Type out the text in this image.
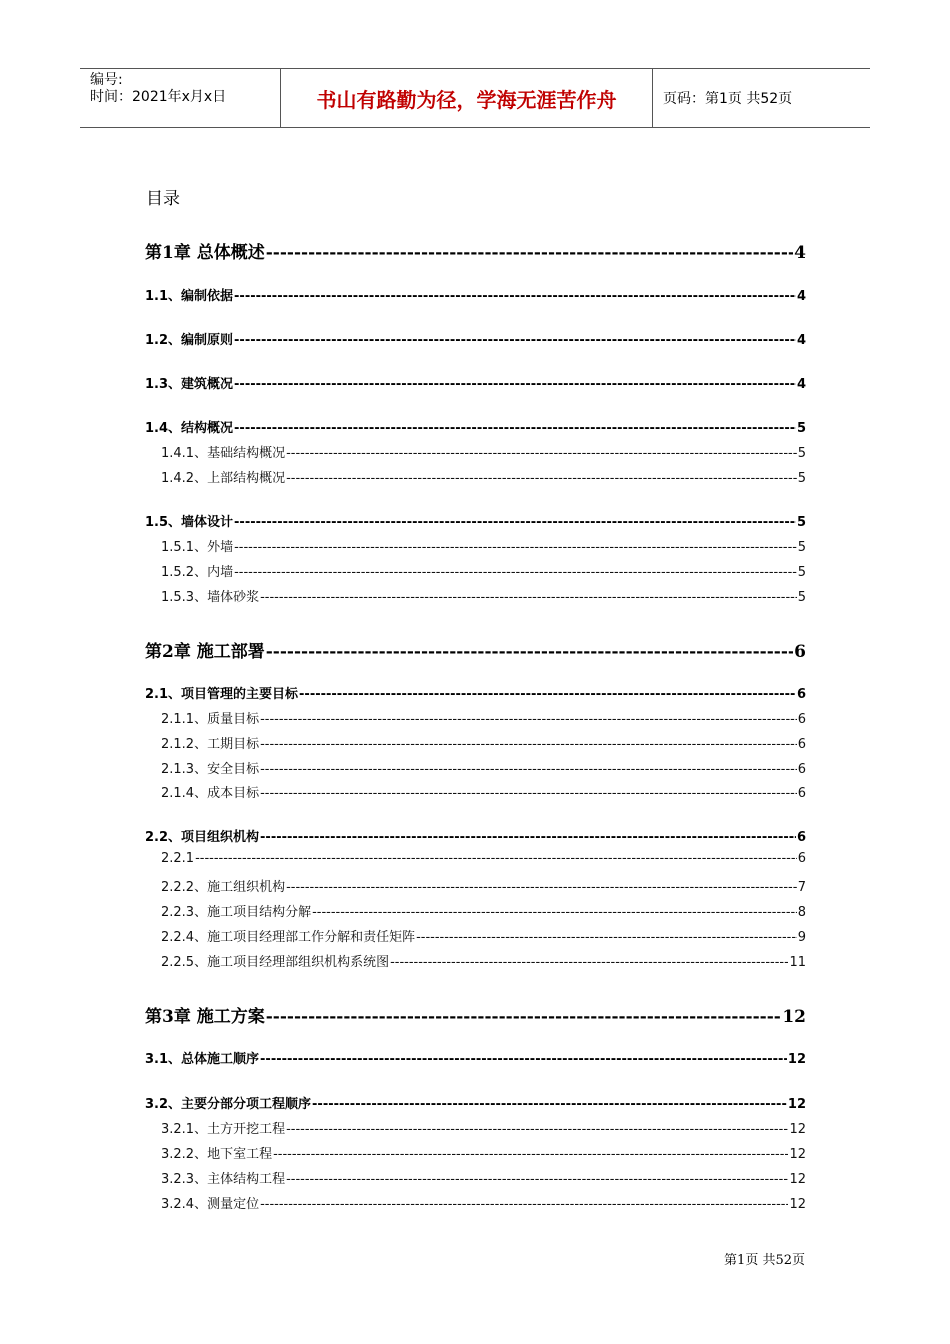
编号:
时间：2021年x月x日	书山有路勤为径，学海无涯苦作舟	页码：第1页 共52页
目录
第1章 总体概述 -----	4
1.1、编制依据 -----	4
1.2、编制原则 -----	4
1.3、建筑概况 -----	4
1.4、结构概况 -----	5
1.4.1、基础结构概况 -----	5
1.4.2、上部结构概况 -----	5
1.5、墙体设计 -----	5
1.5.1、外墙 -----	5
1.5.2、内墙 -----	5
1.5.3、墙体砂浆 -----	5
第2章 施工部署 -----	6
2.1、项目管理的主要目标 -----	6
2.1.1、质量目标 -----	6
2.1.2、工期目标 -----	6
2.1.3、安全目标 -----	6
2.1.4、成本目标 -----	6
2.2、项目组织机构 -----	6
2.2.1 -----	6
2.2.2、施工组织机构 -----	7
2.2.3、施工项目结构分解 -----	8
2.2.4、施工项目经理部工作分解和责任矩阵 -----	9
2.2.5、施工项目经理部组织机构系统图 -----	11
第3章 施工方案 -----	12
3.1、总体施工顺序 -----	12
3.2、主要分部分项工程顺序 -----	12
3.2.1、土方开挖工程 -----	12
3.2.2、地下室工程 -----	12
3.2.3、主体结构工程 -----	12
3.2.4、测量定位 -----	12
第1页 共52页
